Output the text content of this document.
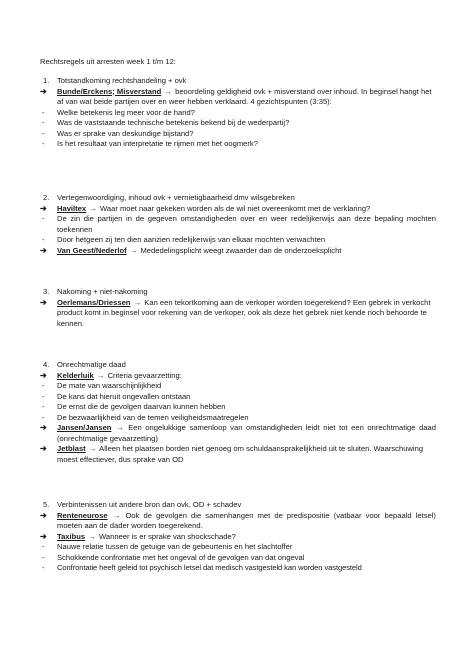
Rechtsregels uit arresten week 1 t/m 12:
1.	Totstandkoming rechtshandeling + ovk
➔	Bunde/Erckens; Misverstand → beoordeling geldigheid ovk + misverstand over inhoud. In beginsel hangt het af van wat beide partijen over en weer hebben verklaard. 4 gezichtspunten (3:35):
-	Welke betekenis leg meer voor de hand?
-	Was de vaststaande technische betekenis bekend bij de wederpartij?
-	Was er sprake van deskundige bijstand?
-	Is het resultaat van interpretatie te rijmen met het oogmerk?
2.	Vertegenwoordiging, inhoud ovk + vernietigbaarheid dmv wilsgebreken
➔	Haviltex → Waar moet naar gekeken worden als de wil niet overeenkomt met de verklaring?
-	De zin die partijen in de gegeven omstandigheden over en weer redelijkerwijs aan deze bepaling mochten toekennen
-	Door hetgeen zij ten dien aanzien redelijkerwijs van elkaar mochten verwachten
➔	Van Geest/Nederlof → Mededelingsplicht weegt zwaarder dan de onderzoeksplicht
3.	Nakoming + niet-nakoming
➔	Oerlemans/Driessen → Kan een tekortkoming aan de verkoper worden toegerekend? Een gebrek in verkocht product komt in beginsel voor rekening van de verkoper, ook als deze het gebrek niet kende noch behoorde te kennen.
4.	Onrechtmatige daad
➔	Kelderluik → Criteria gevaarzetting:
-	De mate van waarschijnlijkheid
-	De kans dat hieruit ongevallen ontstaan
-	De ernst die de gevolgen daarvan kunnen hebben
-	De bezwaarlijkheid van de temen veiligheidsmaatregelen
➔	Jansen/Jansen → Een ongelukkige samenloop van omstandigheden leidt niet tot een onrechtmatige daad (onrechtmatige gevaarzetting)
➔	Jetblast → Alleen het plaatsen borden niet genoeg om schuldaansprakelijkheid uit te sluiten. Waarschuwing moest effectiever, dus sprake van OD
5.	Verbintenissen uit andere bron dan ovk, OD + schadev
➔	Renteneurose → Ook de gevolgen die samenhangen met de predispositie (vatbaar voor bepaald letsel) moeten aan de dader worden toegerekend.
➔	Taxibus → Wanneer is er sprake van shockschade?
-	Nauwe relatie tussen de getuige van de gebeurtenis en het slachtoffer
-	Schokkende confrontatie met het ongeval of de gevolgen van dat ongeval
-	Confrontatie heeft geleid tot psychisch letsel dat medisch vastgesteld kan worden vastgesteld
